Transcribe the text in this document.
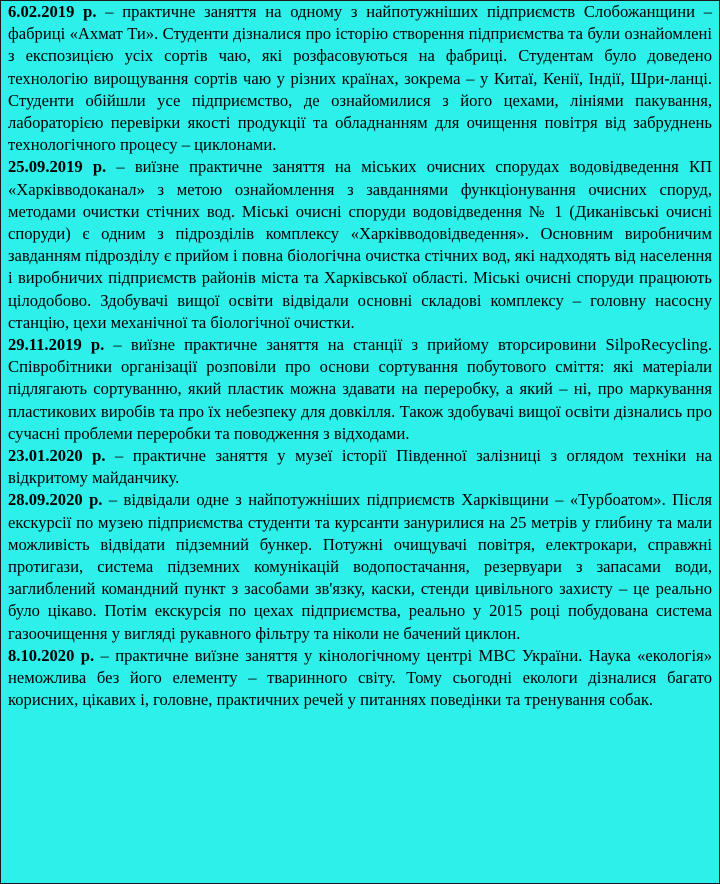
6.02.2019 р. – практичне заняття на одному з найпотужніших підприємств Слобожанщини – фабриці «Ахмат Ти». Студенти дізналися про історію створення підприємства та були ознайомлені з експозицією усіх сортів чаю, які розфасовуються на фабриці. Студентам було доведено технологію вирощування сортів чаю у різних країнах, зокрема – у Китаї, Кенії, Індії, Шри-ланці. Студенти обійшли усе підприємство, де ознайомилися з його цехами, лініями пакування, лабораторією перевірки якості продукції та обладнанням для очищення повітря від забруднень технологічного процесу – циклонами.

25.09.2019 р. – виїзне практичне заняття на міських очисних спорудах водовідведення КП «Харківводоканал» з метою ознайомлення з завданнями функціонування очисних споруд, методами очистки стічних вод. Міські очисні споруди водовідведення № 1 (Диканівські очисні споруди) є одним з підрозділів комплексу «Харківводовідведення». Основним виробничим завданням підрозділу є прийом і повна біологічна очистка стічних вод, які надходять від населення і виробничих підприємств районів міста та Харківської області. Міські очисні споруди працюють цілодобово. Здобувачі вищої освіти відвідали основні складові комплексу – головну насосну станцію, цехи механічної та біологічної очистки.

29.11.2019 р. – виїзне практичне заняття на станції з прийому вторсировини SilpoRecycling. Співробітники організації розповіли про основи сортування побутового сміття: які матеріали підлягають сортуванню, який пластик можна здавати на переробку, а який – ні, про маркування пластикових виробів та про їх небезпеку для довкілля. Також здобувачі вищої освіти дізнались про сучасні проблеми переробки та поводження з відходами.

23.01.2020 р. – практичне заняття у музеї історії Південної залізниці з оглядом техніки на відкритому майданчику.

28.09.2020 р. – відвідали одне з найпотужніших підприємств Харківщини – «Турбоатом». Після екскурсії по музею підприємства студенти та курсанти занурилися на 25 метрів у глибину та мали можливість відвідати підземний бункер. Потужні очищувачі повітря, електрокари, справжні протигази, система підземних комунікацій водопостачання, резервуари з запасами води, заглиблений командний пункт з засобами зв'язку, каски, стенди цивільного захисту – це реально було цікаво. Потім екскурсія по цехах підприємства, реально у 2015 році побудована система газоочищення у вигляді рукавного фільтру та ніколи не бачений циклон.

8.10.2020 р. – практичне виїзне заняття у кінологічному центрі МВС України. Наука «екологія» неможлива без його елементу – тваринного світу. Тому сьогодні екологи дізналися багато корисних, цікавих і, головне, практичних речей у питаннях поведінки та тренування собак.
